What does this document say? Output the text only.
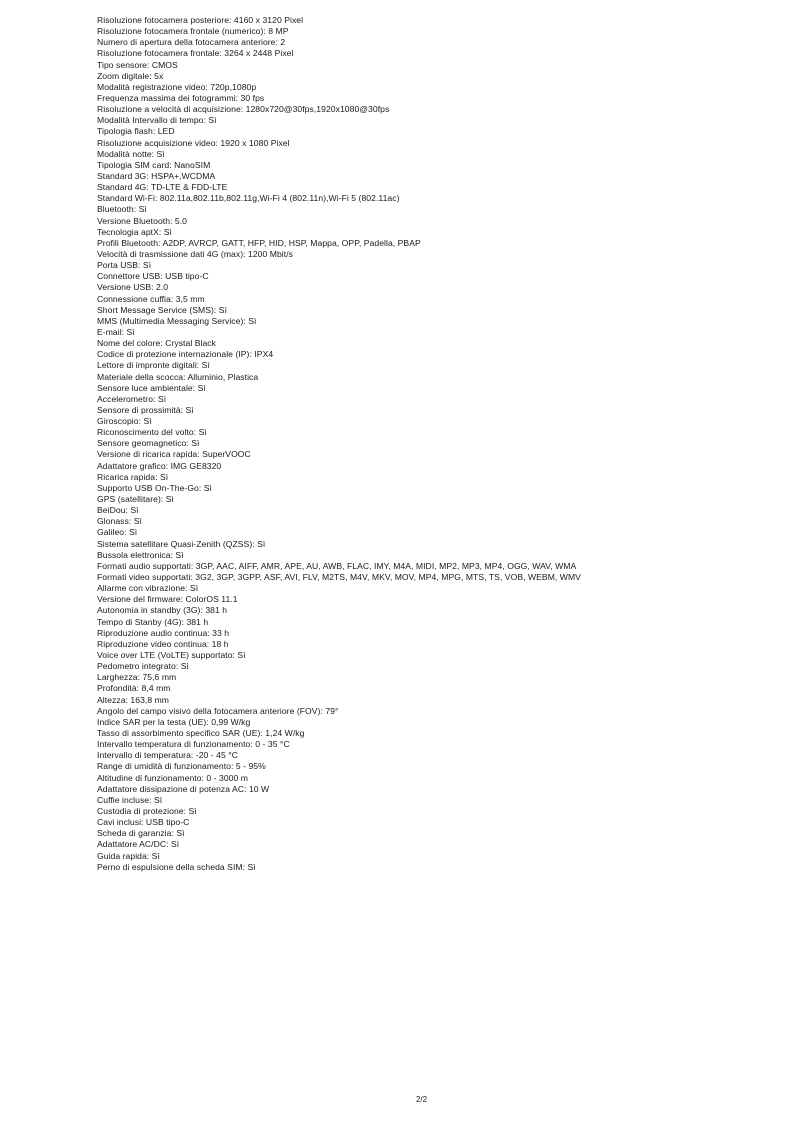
Risoluzione fotocamera posteriore: 4160 x 3120 Pixel
Risoluzione fotocamera frontale (numerico): 8 MP
Numero di apertura della fotocamera anteriore: 2
Risoluzione fotocamera frontale: 3264 x 2448 Pixel
Tipo sensore: CMOS
Zoom digitale: 5x
Modalità registrazione video: 720p,1080p
Frequenza massima dei fotogrammi: 30 fps
Risoluzione a velocità di acquisizione: 1280x720@30fps,1920x1080@30fps
Modalità Intervallo di tempo: Sì
Tipologia flash: LED
Risoluzione acquisizione video: 1920 x 1080 Pixel
Modalità notte: Sì
Tipologia SIM card: NanoSIM
Standard 3G: HSPA+,WCDMA
Standard 4G: TD-LTE & FDD-LTE
Standard Wi-Fi: 802.11a,802.11b,802.11g,Wi-Fi 4 (802.11n),Wi-Fi 5 (802.11ac)
Bluetooth: Sì
Versione Bluetooth: 5.0
Tecnologia aptX: Sì
Profili Bluetooth: A2DP, AVRCP, GATT, HFP, HID, HSP, Mappa, OPP, Padella, PBAP
Velocità di trasmissione dati 4G (max): 1200 Mbit/s
Porta USB: Sì
Connettore USB: USB tipo-C
Versione USB: 2.0
Connessione cuffia: 3,5 mm
Short Message Service (SMS): Sì
MMS (Multimedia Messaging Service): Sì
E-mail: Sì
Nome del colore: Crystal Black
Codice di protezione internazionale (IP): IPX4
Lettore di impronte digitali: Sì
Materiale della scocca: Alluminio, Plastica
Sensore luce ambientale: Sì
Accelerometro: Sì
Sensore di prossimità: Sì
Giroscopio: Sì
Riconoscimento del volto: Sì
Sensore geomagnetico: Sì
Versione di ricarica rapida: SuperVOOC
Adattatore grafico: IMG GE8320
Ricarica rapida: Sì
Supporto USB On-The-Go: Sì
GPS (satellitare): Sì
BeiDou: Sì
Glonass: Sì
Galileo: Sì
Sistema satellitare Quasi-Zenith (QZSS): Sì
Bussola elettronica: Sì
Formati audio supportati: 3GP, AAC, AIFF, AMR, APE, AU, AWB, FLAC, IMY, M4A, MIDI, MP2, MP3, MP4, OGG, WAV, WMA
Formati video supportati: 3G2, 3GP, 3GPP, ASF, AVI, FLV, M2TS, M4V, MKV, MOV, MP4, MPG, MTS, TS, VOB, WEBM, WMV
Allarme con vibrazione: Sì
Versione del firmware: ColorOS 11.1
Autonomia in standby (3G): 381 h
Tempo di Stanby (4G): 381 h
Riproduzione audio continua: 33 h
Riproduzione video continua: 18 h
Voice over LTE (VoLTE) supportato: Sì
Pedometro integrato: Sì
Larghezza: 75,6 mm
Profondità: 8,4 mm
Altezza: 163,8 mm
Angolo del campo visivo della fotocamera anteriore (FOV): 79°
Indice SAR per la testa (UE): 0,99 W/kg
Tasso di assorbimento specifico SAR (UE): 1,24 W/kg
Intervallo temperatura di funzionamento: 0 - 35 °C
Intervallo di temperatura: -20 - 45 °C
Range di umidità di funzionamento: 5 - 95%
Altitudine di funzionamento: 0 - 3000 m
Adattatore dissipazione di potenza AC: 10 W
Cuffie incluse: Sì
Custodia di protezione: Sì
Cavi inclusi: USB tipo-C
Scheda di garanzia: Sì
Adattatore AC/DC: Sì
Guida rapida: Sì
Perno di espulsione della scheda SIM: Sì
2/2
